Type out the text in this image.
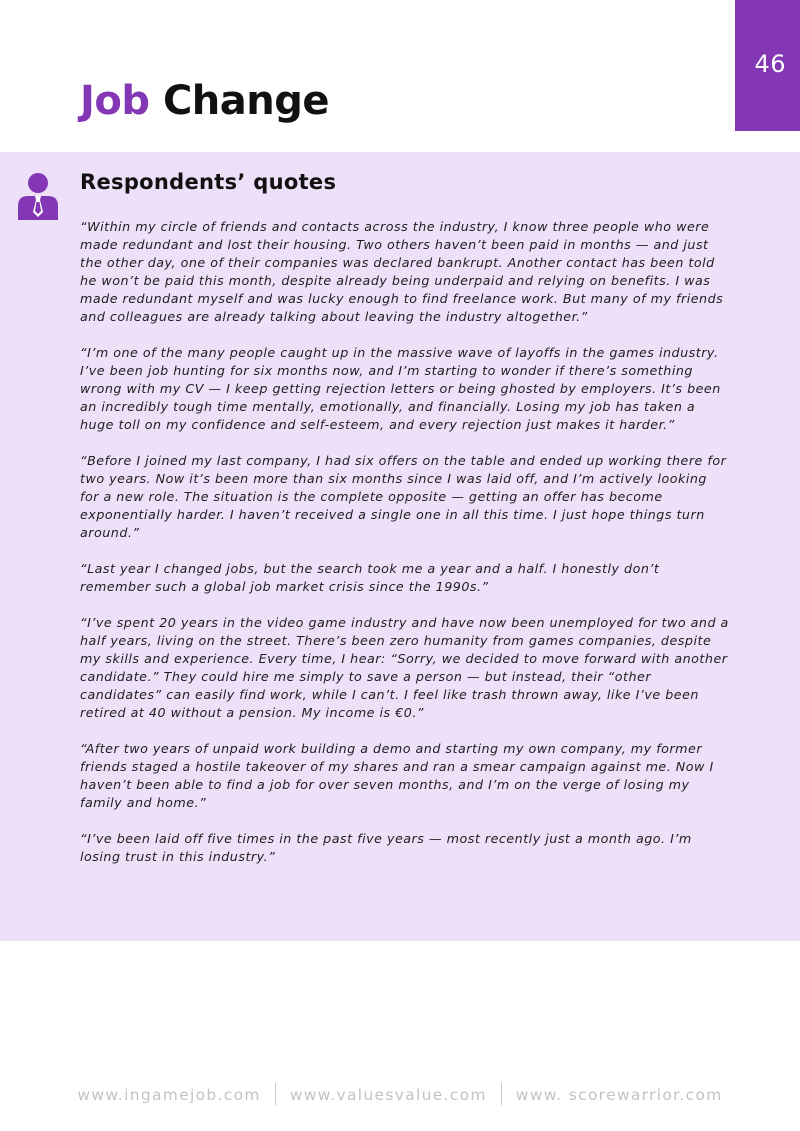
46
Job Change
Respondents’ quotes

“Within my circle of friends and contacts across the industry, I know three people who were made redundant and lost their housing. Two others haven’t been paid in months — and just the other day, one of their companies was declared bankrupt. Another contact has been told he won’t be paid this month, despite already being underpaid and relying on benefits. I was made redundant myself and was lucky enough to find freelance work. But many of my friends and colleagues are already talking about leaving the industry altogether.”

“I’m one of the many people caught up in the massive wave of layoffs in the games industry. I’ve been job hunting for six months now, and I’m starting to wonder if there’s something wrong with my CV — I keep getting rejection letters or being ghosted by employers. It’s been an incredibly tough time mentally, emotionally, and financially. Losing my job has taken a huge toll on my confidence and self-esteem, and every rejection just makes it harder.”

“Before I joined my last company, I had six offers on the table and ended up working there for two years. Now it’s been more than six months since I was laid off, and I’m actively looking for a new role. The situation is the complete opposite — getting an offer has become exponentially harder. I haven’t received a single one in all this time. I just hope things turn around.”

“Last year I changed jobs, but the search took me a year and a half. I honestly don’t remember such a global job market crisis since the 1990s.”

“I’ve spent 20 years in the video game industry and have now been unemployed for two and a half years, living on the street. There’s been zero humanity from games companies, despite my skills and experience. Every time, I hear: “Sorry, we decided to move forward with another candidate.” They could hire me simply to save a person — but instead, their “other candidates” can easily find work, while I can’t. I feel like trash thrown away, like I’ve been retired at 40 without a pension. My income is €0.”

“After two years of unpaid work building a demo and starting my own company, my former friends staged a hostile takeover of my shares and ran a smear campaign against me. Now I haven’t been able to find a job for over seven months, and I’m on the verge of losing my family and home.”

“I’ve been laid off five times in the past five years — most recently just a month ago. I’m losing trust in this industry.”

www.ingamejob.com www.valuesvalue.com www. scorewarrior.com
